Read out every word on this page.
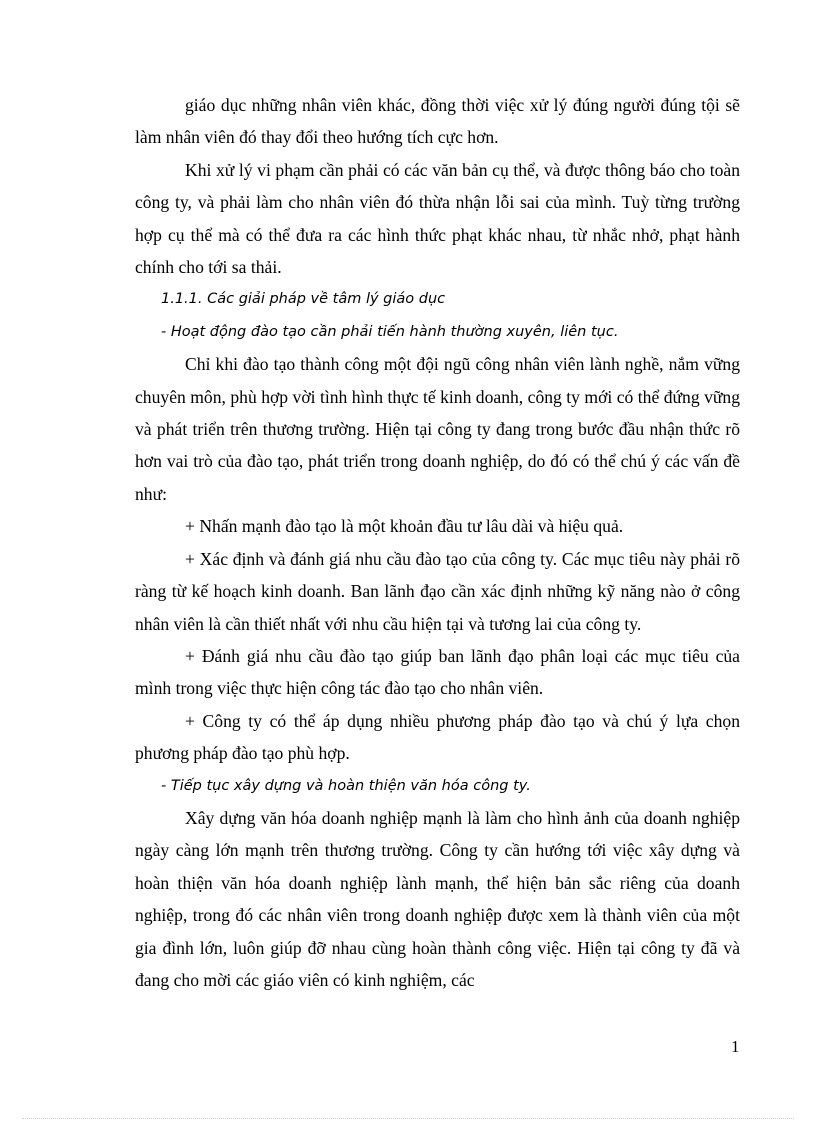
giáo dục những nhân viên khác, đồng thời việc xử lý đúng người đúng tội sẽ làm nhân viên đó thay đổi theo hướng tích cực hơn.

Khi xử lý vi phạm cần phải có các văn bản cụ thể, và được thông báo cho toàn công ty, và phải làm cho nhân viên đó thừa nhận lỗi sai của mình. Tuỳ từng trường hợp cụ thể mà có thể đưa ra các hình thức phạt khác nhau, từ nhắc nhở, phạt hành chính cho tới sa thải.

1.1.1. Các giải pháp về tâm lý giáo dục

- Hoạt động đào tạo cần phải tiến hành thường xuyên, liên tục.

Chỉ khi đào tạo thành công một đội ngũ công nhân viên lành nghề, nắm vững chuyên môn, phù hợp vời tình hình thực tế kinh doanh, công ty mới có thể đứng vững và phát triển trên thương trường. Hiện tại công ty đang trong bước đầu nhận thức rõ hơn vai trò của đào tạo, phát triển trong doanh nghiệp, do đó có thể chú ý các vấn đề như:

+ Nhấn mạnh đào tạo là một khoản đầu tư lâu dài và hiệu quả.

+ Xác định và đánh giá nhu cầu đào tạo của công ty. Các mục tiêu này phải rõ ràng từ kế hoạch kinh doanh. Ban lãnh đạo cần xác định những kỹ năng nào ở công nhân viên là cần thiết nhất với nhu cầu hiện tại và tương lai của công ty.

+ Đánh giá nhu cầu đào tạo giúp ban lãnh đạo phân loại các mục tiêu của mình trong việc thực hiện công tác đào tạo cho nhân viên.

+ Công ty có thể áp dụng nhiều phương pháp đào tạo và chú ý lựa chọn phương pháp đào tạo phù hợp.

- Tiếp tục xây dựng và hoàn thiện văn hóa công ty.

Xây dựng văn hóa doanh nghiệp mạnh là làm cho hình ảnh của doanh nghiệp ngày càng lớn mạnh trên thương trường. Công ty cần hướng tới việc xây dựng và hoàn thiện văn hóa doanh nghiệp lành mạnh, thể hiện bản sắc riêng của doanh nghiệp, trong đó các nhân viên trong doanh nghiệp được xem là thành viên của một gia đình lớn, luôn giúp đỡ nhau cùng hoàn thành công việc. Hiện tại công ty đã và đang cho mời các giáo viên có kinh nghiệm, các

1
